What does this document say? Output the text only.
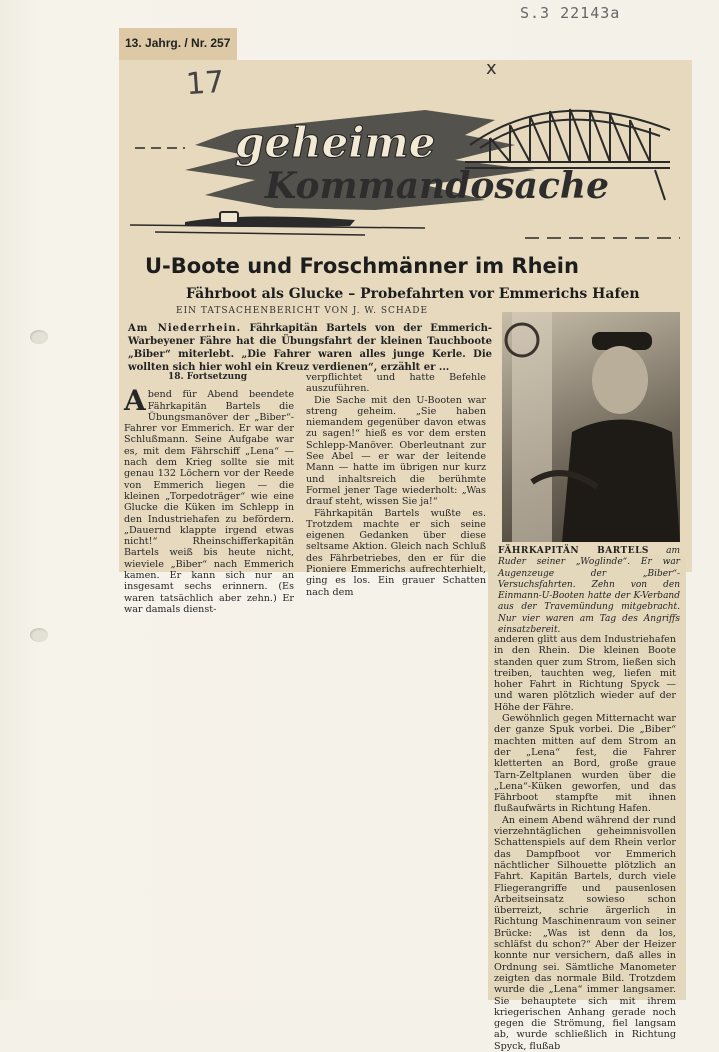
S.3 22143a
13. Jahrg. / Nr. 257
17	x
geheime
Kommandosache
U-Boote und Froschmänner im Rhein
Fährboot als Glucke – Probefahrten vor Emmerichs Hafen
EIN TATSACHENBERICHT VON J. W. SCHADE
Am Niederrhein. Fährkapitän Bartels von der Emmerich-Warbeyener Fähre hat die Übungsfahrt der kleinen Tauchboote „Biber“ miterlebt. „Die Fahrer waren alles junge Kerle. Die wollten sich hier wohl ein Kreuz verdienen“, erzählt er ...
18. Fortsetzung

Abend für Abend beendete Fährkapitän Bartels die Übungsmanöver der „Biber“-Fahrer vor Emmerich. Er war der Schlußmann. Seine Aufgabe war es, mit dem Fährschiff „Lena“ — nach dem Krieg sollte sie mit genau 132 Löchern vor der Reede von Emmerich liegen — die kleinen „Torpedoträger“ wie eine Glucke die Küken im Schlepp in den Industriehafen zu befördern. „Dauernd klappte irgend etwas nicht!“ Rheinschifferkapitän Bartels weiß bis heute nicht, wieviele „Biber“ nach Emmerich kamen. Er kann sich nur an insgesamt sechs erinnern. (Es waren tatsächlich aber zehn.) Er war damals dienst-

verpflichtet und hatte Befehle auszuführen.

Die Sache mit den U-Booten war streng geheim. „Sie haben niemandem gegenüber davon etwas zu sagen!“ hieß es vor dem ersten Schlepp-Manöver. Oberleutnant zur See Abel — er war der leitende Mann — hatte im übrigen nur kurz und inhaltsreich die berühmte Formel jener Tage wiederholt: „Was drauf steht, wissen Sie ja!“

Fährkapitän Bartels wußte es. Trotzdem machte er sich seine eigenen Gedanken über diese seltsame Aktion. Gleich nach Schluß des Fährbetriebes, den er für die Pioniere Emmerichs aufrechterhielt, ging es los. Ein grauer Schatten nach dem

FÄHRKAPITÄN BARTELS am Ruder seiner „Woglinde“. Er war Augenzeuge der „Biber“-Versuchsfahrten. Zehn von den Einmann-U-Booten hatte der K-Verband aus der Travemündung mitgebracht. Nur vier waren am Tag des Angriffs einsatzbereit.

anderen glitt aus dem Industriehafen in den Rhein. Die kleinen Boote standen quer zum Strom, ließen sich treiben, tauchten weg, liefen mit hoher Fahrt in Richtung Spyck — und waren plötzlich wieder auf der Höhe der Fähre.

Gewöhnlich gegen Mitternacht war der ganze Spuk vorbei. Die „Biber“ machten mitten auf dem Strom an der „Lena“ fest, die Fahrer kletterten an Bord, große graue Tarn-Zeltplanen wurden über die „Lena“-Küken geworfen, und das Fährboot stampfte mit ihnen flußaufwärts in Richtung Hafen.

An einem Abend während der rund vierzehntäglichen geheimnisvollen Schattenspiels auf dem Rhein verlor das Dampfboot vor Emmerich nächtlicher Silhouette plötzlich an Fahrt. Kapitän Bartels, durch viele Fliegerangriffe und pausenlosen Arbeitseinsatz sowieso schon überreizt, schrie ärgerlich in Richtung Maschinenraum von seiner Brücke: „Was ist denn da los, schläfst du schon?“ Aber der Heizer konnte nur versichern, daß alles in Ordnung sei. Sämtliche Manometer zeigten das normale Bild. Trotzdem wurde die „Lena“ immer langsamer. Sie behauptete sich mit ihrem kriegerischen Anhang gerade noch gegen die Strömung, fiel langsam ab, wurde schließlich in Richtung Spyck, flußab
